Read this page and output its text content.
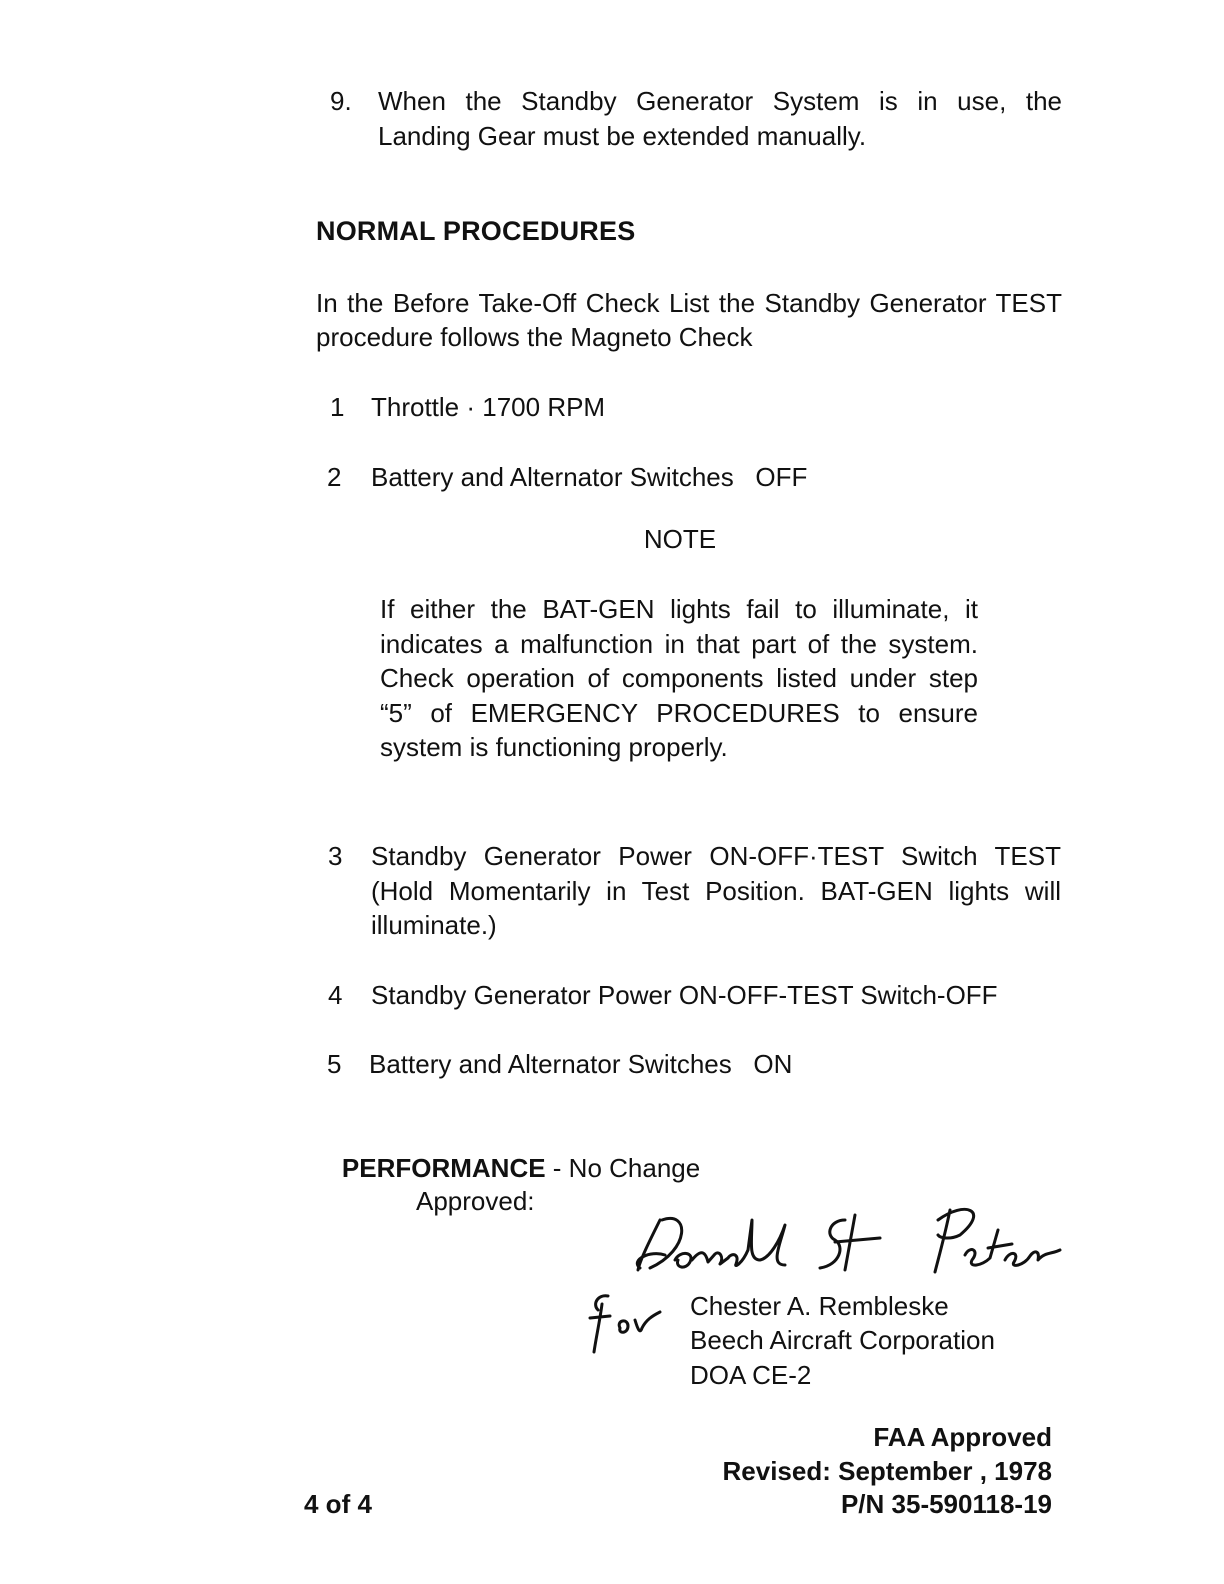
9. When the Standby Generator System is in use, the Landing Gear must be extended manually.
NORMAL PROCEDURES
In the Before Take-Off Check List the Standby Generator TEST procedure follows the Magneto Check
1 Throttle · 1700 RPM
2 Battery and Alternator Switches   OFF
NOTE
If either the BAT-GEN lights fail to illuminate, it indicates a malfunction in that part of the system. Check operation of components listed under step “5” of EMERGENCY PROCEDURES to ensure system is functioning properly.
3 Standby Generator Power ON-OFF·TEST Switch TEST (Hold Momentarily in Test Position. BAT-GEN lights will illuminate.)
4 Standby Generator Power ON-OFF-TEST Switch-OFF
5 Battery and Alternator Switches   ON

PERFORMANCE - No Change

Approved:
Chester A. Rembleske
Beech Aircraft Corporation
DOA CE-2
FAA Approved
Revised: September , 1978
P/N 35-590118-19
4 of 4
